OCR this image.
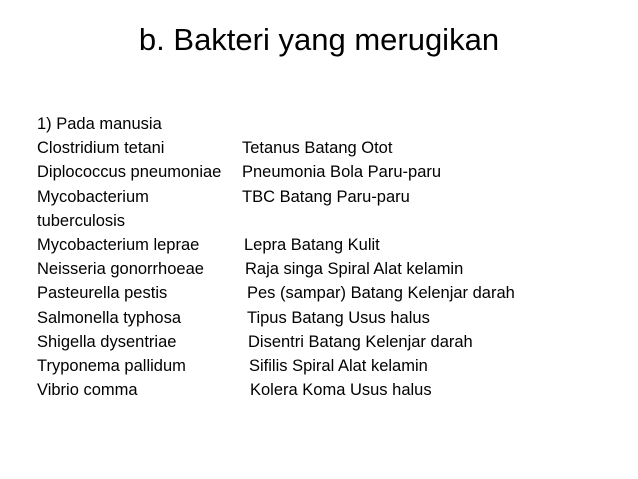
b. Bakteri yang merugikan
1) Pada manusia
Clostridium tetani	Tetanus Batang Otot
Diplococcus pneumoniae Pneumonia Bola Paru-paru
Mycobacterium	TBC Batang Paru-paru
tuberculosis
Mycobacterium leprae	Lepra Batang Kulit
Neisseria gonorrhoeae Raja singa Spiral Alat kelamin
Pasteurella pestis	Pes (sampar) Batang Kelenjar darah
Salmonella typhosa	Tipus Batang Usus halus
Shigella dysentriae	Disentri Batang Kelenjar darah
Tryponema pallidum	Sifilis Spiral Alat kelamin
Vibrio comma	Kolera Koma Usus halus
